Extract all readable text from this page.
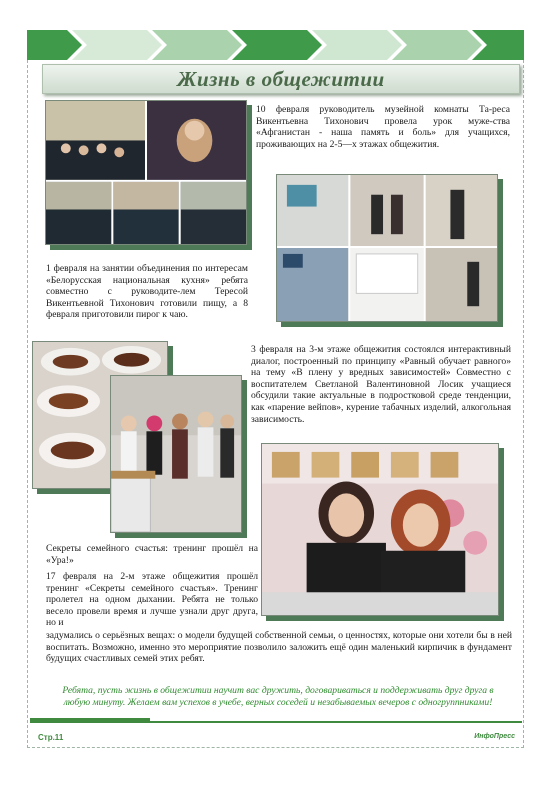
Жизнь в общежитии
10 февраля руководитель музейной комнаты Та-реса Викентьевна Тихонович провела урок муже-ства «Афганистан - наша память и боль» для учащихся, проживающих на 2-5—х этажах общежития.
1 февраля на занятии объединения по интересам «Белорусская национальная кухня» ребята совместно с руководите-лем Тересой Викентьевной Тихонович готовили пищу, а 8 февраля приготовили пирог к чаю.
3 февраля на 3-м этаже общежития состоялся интерактивный диалог, построенный по принципу «Равный обучает равного» на тему «В плену у вредных зависимостей» Совместно с воспитателем Светланой Валентиновной Лосик учащиеся обсудили такие актуальные в подростковой среде тенденции, как «парение вейпов», курение табачных изделий, алкогольная зависимость.
Секреты семейного счастья: тренинг прошёл на «Ура!»
17 февраля на 2-м этаже общежития прошёл тренинг «Секреты семейного счастья». Тренинг пролетел на одном дыхании. Ребята не только весело провели время и лучше узнали друг друга, но и
задумались о серьёзных вещах: о модели будущей собственной семьи, о ценностях, которые они хотели бы в ней воспитать. Возможно, именно это мероприятие позволило заложить ещё один маленький кирпичик в фундамент будущих счастливых семей этих ребят.
Ребята, пусть жизнь в общежитии научит вас дружить, договариваться и поддерживать друг друга в любую минуту. Желаем вам успехов в учебе, верных соседей и незабываемых вечеров с одногруппниками!
Стр.11	ИнфоПресс
